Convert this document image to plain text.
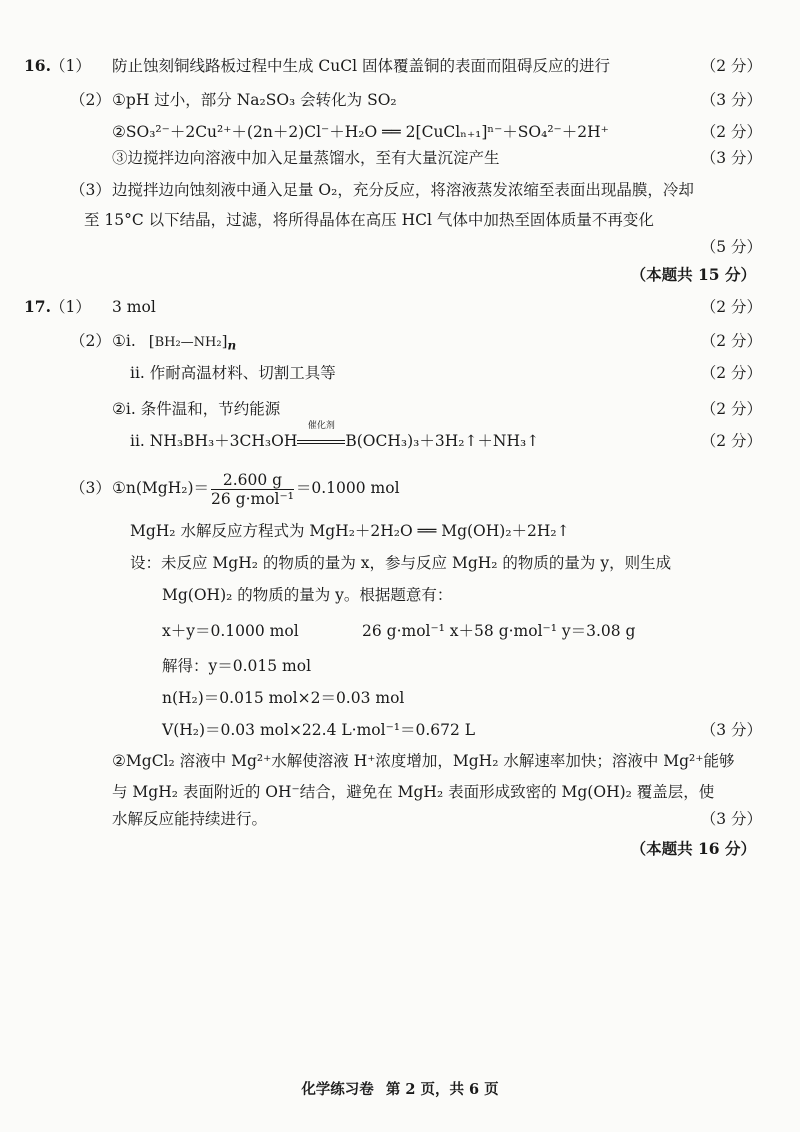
16. （1） 防止蚀刻铜线路板过程中生成 CuCl 固体覆盖铜的表面而阻碍反应的进行	（2 分）
（2） ①pH 过小，部分 Na₂SO₃ 会转化为 SO₂	（3 分）
②SO₃²⁻＋2Cu²⁺＋(2n＋2)Cl⁻＋H₂O ══ 2[CuClₙ₊₁]ⁿ⁻＋SO₄²⁻＋2H⁺	（2 分）
③边搅拌边向溶液中加入足量蒸馏水，至有大量沉淀产生	（3 分）
（3） 边搅拌边向蚀刻液中通入足量 O₂，充分反应，将溶液蒸发浓缩至表面出现晶膜，冷却
至 15°C 以下结晶，过滤，将所得晶体在高压 HCl 气体中加热至固体质量不再变化
（5 分）
（本题共 15 分）
17. （1） 3 mol	（2 分）
（2） ①i. $[BH_2—NH_2]_n$	（2 分）
ii. 作耐高温材料、切割工具等	（2 分）
②i. 条件温和，节约能源	（2 分）
ii. NH₃BH₃＋3CH₃OH
催化剂
B(OCH₃)₃＋3H₂↑＋NH₃↑	（2 分）
（3） ①n(MgH₂)＝ $\frac{2.600 g}{\text{26 g·mol⁻¹}} =0.1000$ mol
MgH₂ 水解反应方程式为 MgH₂＋2H₂O ══ Mg(OH)₂＋2H₂↑
设：未反应 MgH₂ 的物质的量为 x，参与反应 MgH₂ 的物质的量为 y，则生成
Mg(OH)₂ 的物质的量为 y。根据题意有：
x＋y＝0.1000 mol	26 g·mol⁻¹ x＋58 g·mol⁻¹ y＝3.08 g
解得：y＝0.015 mol
n(H₂)＝0.015 mol×2＝0.03 mol
V(H₂)＝0.03 mol×22.4 L·mol⁻¹＝0.672 L	（3 分）
②MgCl₂ 溶液中 Mg²⁺水解使溶液 H⁺浓度增加，MgH₂ 水解速率加快；溶液中 Mg²⁺能够
与 MgH₂ 表面附近的 OH⁻结合，避免在 MgH₂ 表面形成致密的 Mg(OH)₂ 覆盖层，使
水解反应能持续进行。	（3 分）
（本题共 16 分）
化学练习卷 第 2 页，共 6 页
